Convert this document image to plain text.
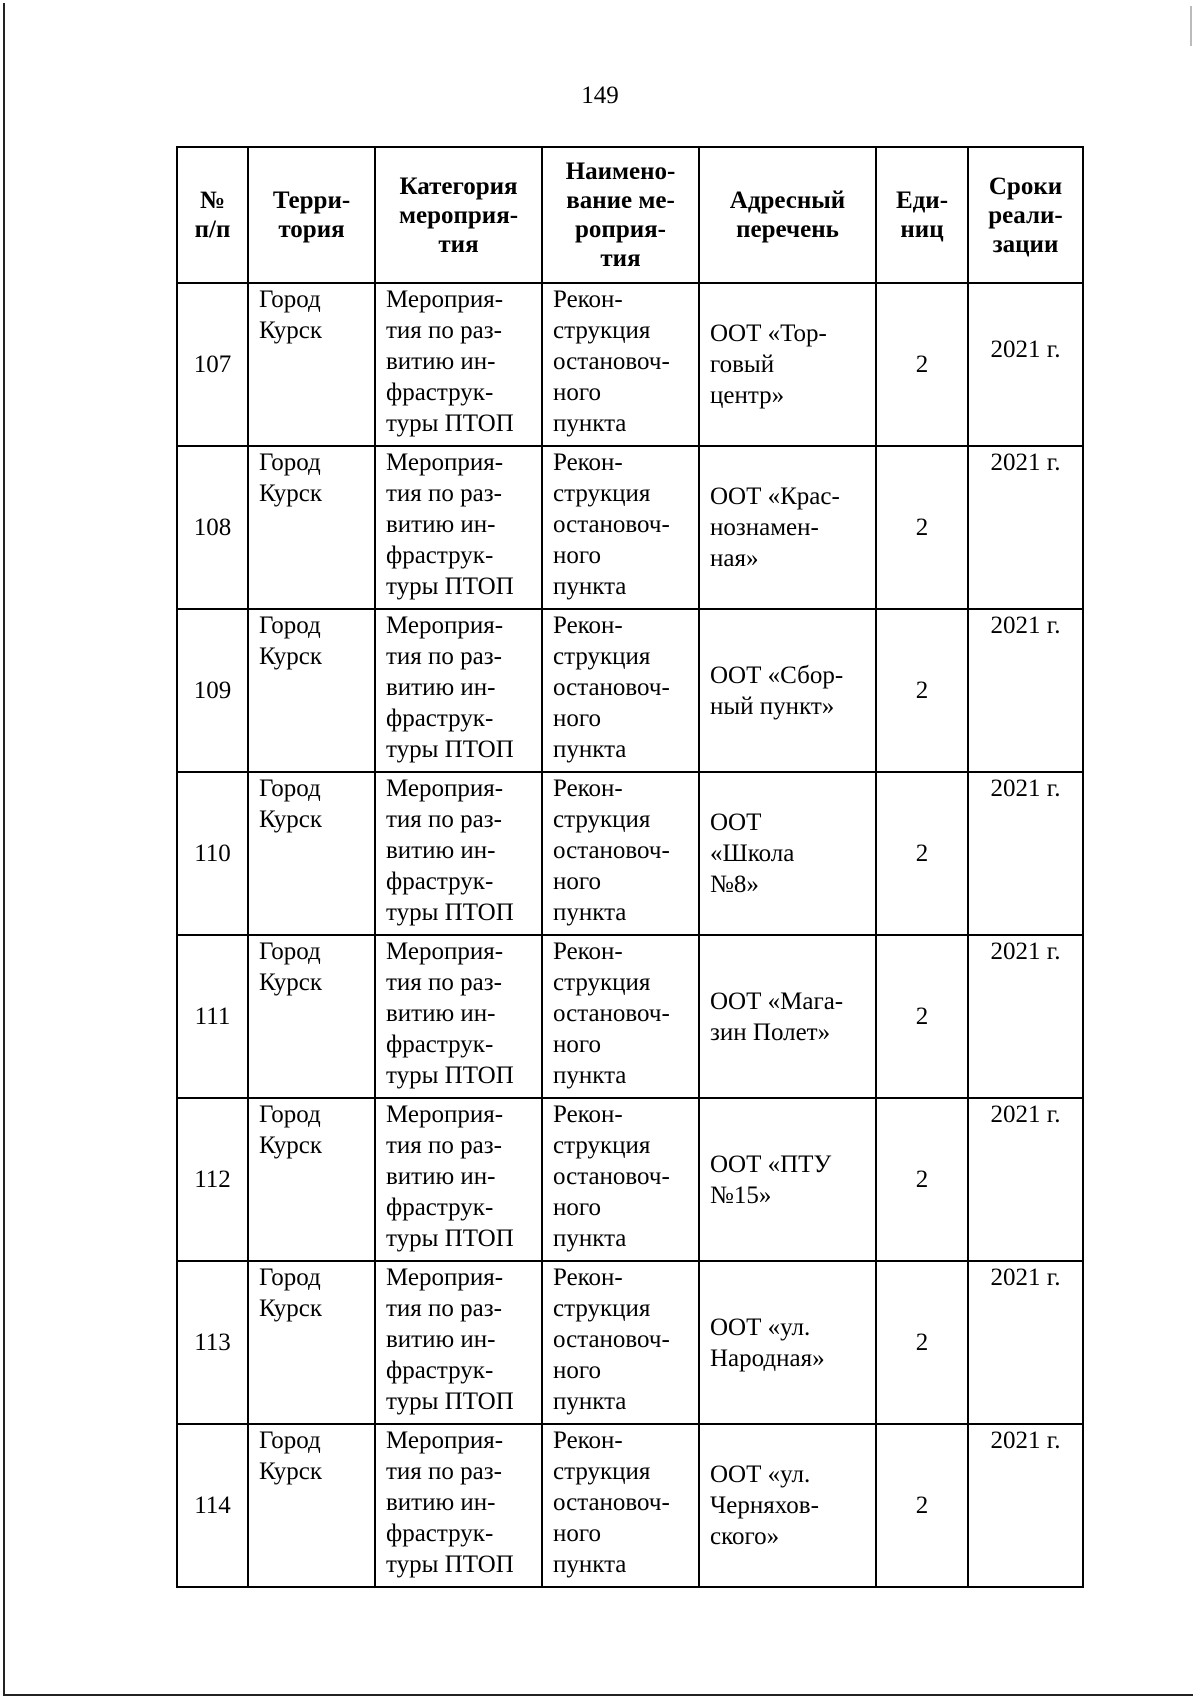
149
№
п/п	Терри-
тория	Категория
мероприя-
тия	Наимено-
вание ме-
роприя-
тия	Адресный
перечень	Еди-
ниц	Сроки
реали-
зации

107	Город
Курск	Мероприя-
тия по раз-
витию ин-
фраструк-
туры ПТОП	Рекон-
струкция
остановоч-
ного
пункта	ООТ «Тор-
говый
центр»	2	2021 г.

108	Город
Курск	Мероприя-
тия по раз-
витию ин-
фраструк-
туры ПТОП	Рекон-
струкция
остановоч-
ного
пункта	ООТ «Крас-
нознамен-
ная»	2	2021 г.

109	Город
Курск	Мероприя-
тия по раз-
витию ин-
фраструк-
туры ПТОП	Рекон-
струкция
остановоч-
ного
пункта	ООТ «Сбор-
ный пункт»	2	2021 г.

110	Город
Курск	Мероприя-
тия по раз-
витию ин-
фраструк-
туры ПТОП	Рекон-
струкция
остановоч-
ного
пункта	ООТ
«Школа
№8»	2	2021 г.

111	Город
Курск	Мероприя-
тия по раз-
витию ин-
фраструк-
туры ПТОП	Рекон-
струкция
остановоч-
ного
пункта	ООТ «Мага-
зин Полет»	2	2021 г.

112	Город
Курск	Мероприя-
тия по раз-
витию ин-
фраструк-
туры ПТОП	Рекон-
струкция
остановоч-
ного
пункта	ООТ «ПТУ
№15»	2	2021 г.

113	Город
Курск	Мероприя-
тия по раз-
витию ин-
фраструк-
туры ПТОП	Рекон-
струкция
остановоч-
ного
пункта	ООТ «ул.
Народная»	2	2021 г.

114	Город
Курск	Мероприя-
тия по раз-
витию ин-
фраструк-
туры ПТОП	Рекон-
струкция
остановоч-
ного
пункта	ООТ «ул.
Черняхов-
ского»	2	2021 г.
